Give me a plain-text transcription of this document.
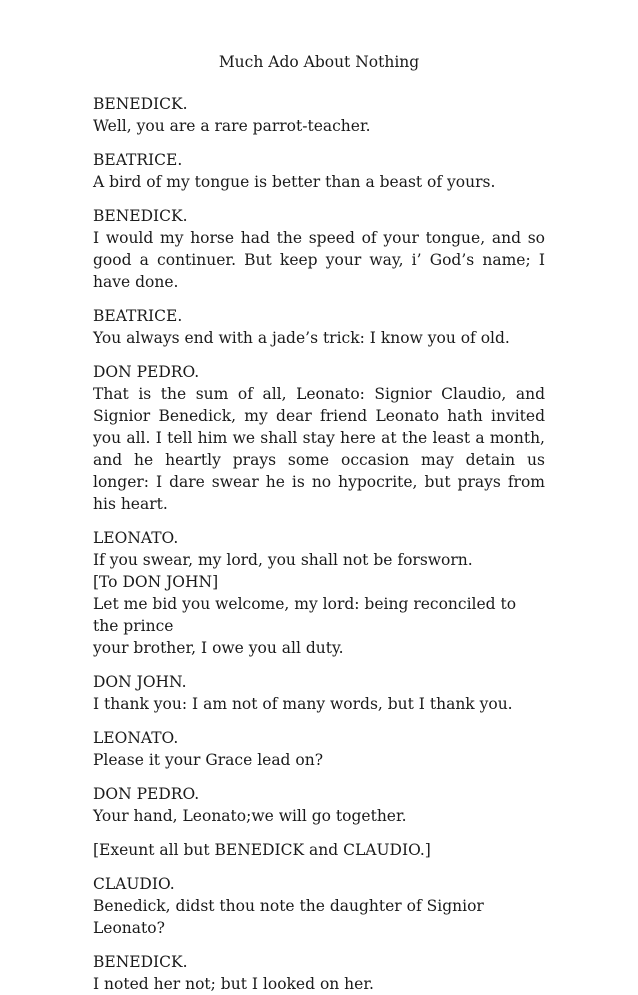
Much Ado About Nothing
BENEDICK.
Well, you are a rare parrot-teacher.
BEATRICE.
A bird of my tongue is better than a beast of yours.
BENEDICK.
I would my horse had the speed of your tongue, and so good a continuer. But keep your way, i’ God’s name; I have done.
BEATRICE.
You always end with a jade’s trick: I know you of old.
DON PEDRO.
That is the sum of all, Leonato: Signior Claudio, and Signior Benedick, my dear friend Leonato hath invited you all. I tell him we shall stay here at the least a month, and he heartly prays some occasion may detain us longer: I dare swear he is no hypocrite, but prays from his heart.
LEONATO.
If you swear, my lord, you shall not be forsworn.
[To DON JOHN]
Let me bid you welcome, my lord: being reconciled to the prince
your brother, I owe you all duty.
DON JOHN.
I thank you: I am not of many words, but I thank you.
LEONATO.
Please it your Grace lead on?
DON PEDRO.
Your hand, Leonato;we will go together.
[Exeunt all but BENEDICK and CLAUDIO.]
CLAUDIO.
Benedick, didst thou note the daughter of Signior Leonato?
BENEDICK.
I noted her not; but I looked on her.
